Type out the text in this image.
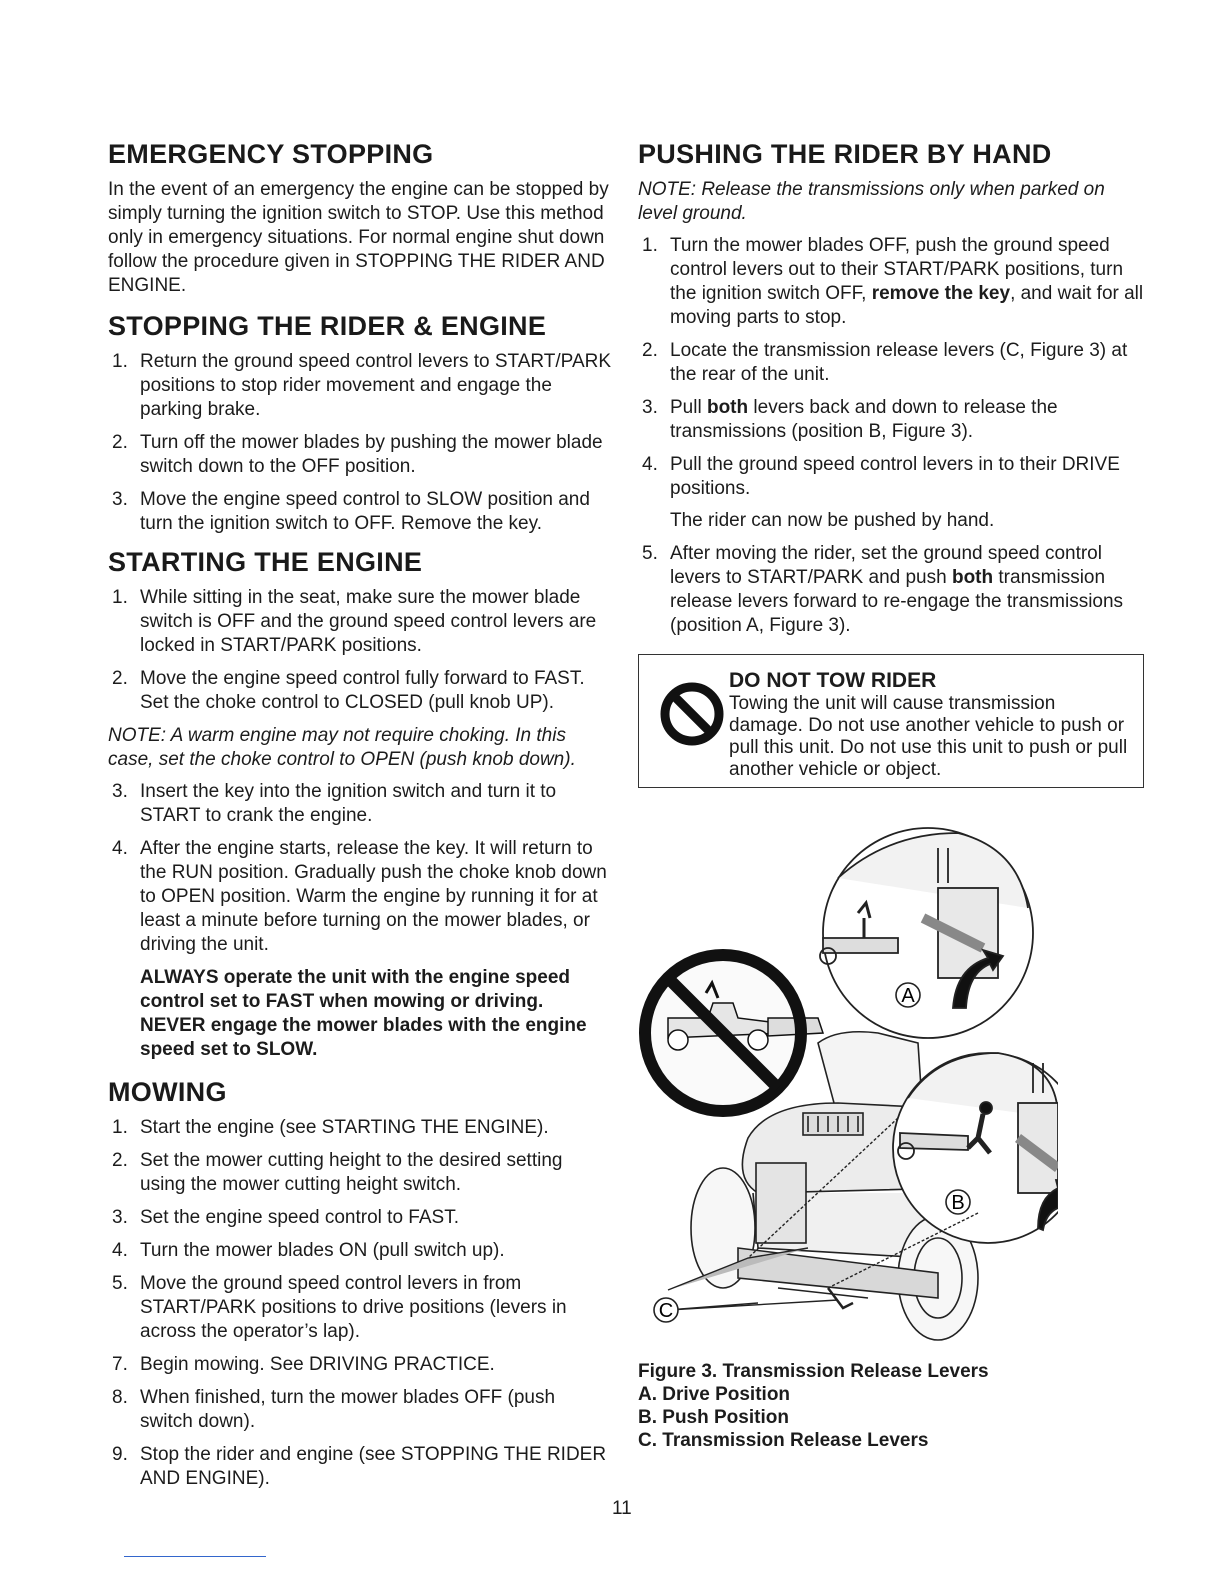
EMERGENCY STOPPING

In the event of an emergency the engine can be stopped by simply turning the ignition switch to STOP. Use this method only in emergency situations. For normal engine shut down follow the procedure given in STOPPING THE RIDER AND ENGINE.

STOPPING THE RIDER & ENGINE
1. Return the ground speed control levers to START/PARK positions to stop rider movement and engage the parking brake.
2. Turn off the mower blades by pushing the mower blade switch down to the OFF position.
3. Move the engine speed control to SLOW position and turn the ignition switch to OFF. Remove the key.
STARTING THE ENGINE
1. While sitting in the seat, make sure the mower blade switch is OFF and the ground speed control levers are locked in START/PARK positions.
2. Move the engine speed control fully forward to FAST. Set the choke control to CLOSED (pull knob UP).

NOTE: A warm engine may not require choking. In this case, set the choke control to OPEN (push knob down).

3. Insert the key into the ignition switch and turn it to START to crank the engine.
4. After the engine starts, release the key. It will return to the RUN position. Gradually push the choke knob down to OPEN position. Warm the engine by running it for at least a minute before turning on the mower blades, or driving the unit.

ALWAYS operate the unit with the engine speed control set to FAST when mowing or driving. NEVER engage the mower blades with the engine speed set to SLOW.

MOWING
1. Start the engine (see STARTING THE ENGINE).
2. Set the mower cutting height to the desired setting using the mower cutting height switch.
3. Set the engine speed control to FAST.
4. Turn the mower blades ON (pull switch up).
5. Move the ground speed control levers in from START/PARK positions to drive positions (levers in across the operator’s lap).
7. Begin mowing. See DRIVING PRACTICE.
8. When finished, turn the mower blades OFF (push switch down).
9. Stop the rider and engine (see STOPPING THE RIDER AND ENGINE).
PUSHING THE RIDER BY HAND

NOTE: Release the transmissions only when parked on level ground.

1. Turn the mower blades OFF, push the ground speed control levers out to their START/PARK positions, turn the ignition switch OFF, remove the key, and wait for all moving parts to stop.
2. Locate the transmission release levers (C, Figure 3) at the rear of the unit.
3. Pull both levers back and down to release the transmissions (position B, Figure 3).
4. Pull the ground speed control levers in to their DRIVE positions.
The rider can now be pushed by hand.
5. After moving the rider, set the ground speed control levers to START/PARK and push both transmission release levers forward to re-engage the transmissions (position A, Figure 3).
DO NOT TOW RIDER
Towing the unit will cause transmission damage. Do not use another vehicle to push or pull this unit. Do not use this unit to push or pull another vehicle or object.
A
B
C
Figure 3. Transmission Release Levers
A. Drive Position
B. Push Position
C. Transmission Release Levers
11
